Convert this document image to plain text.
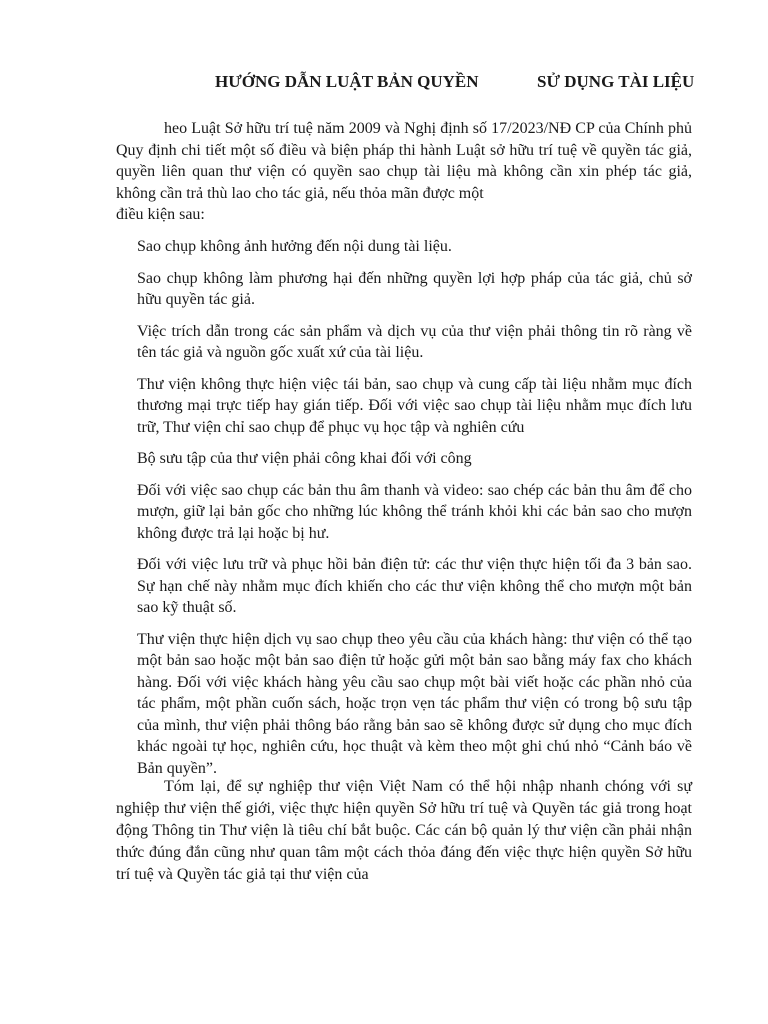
HƯỚNG DẪN LUẬT BẢN QUYỀN	SỬ DỤNG TÀI LIỆU

heo Luật Sở hữu trí tuệ năm 2009 và Nghị định số 17/2023/NĐ CP của Chính phủ Quy định chi tiết một số điều và biện pháp thi hành Luật sở hữu trí tuệ về quyền tác giả, quyền liên quan thư viện có quyền sao chụp tài liệu mà không cần xin phép tác giả, không cần trả thù lao cho tác giả, nếu thỏa mãn được một
điều kiện sau:

Sao chụp không ảnh hưởng đến nội dung tài liệu.

Sao chụp không làm phương hại đến những quyền lợi hợp pháp của tác giả, chủ sở hữu quyền tác giả.

Việc trích dẫn trong các sản phẩm và dịch vụ của thư viện phải thông tin rõ ràng về tên tác giả và nguồn gốc xuất xứ của tài liệu.

Thư viện không thực hiện việc tái bản, sao chụp và cung cấp tài liệu nhằm mục đích thương mại trực tiếp hay gián tiếp. Đối với việc sao chụp tài liệu nhằm mục đích lưu trữ, Thư viện chỉ sao chụp để phục vụ học tập và nghiên cứu

Bộ sưu tập của thư viện phải công khai đối với công

Đối với việc sao chụp các bản thu âm thanh và video: sao chép các bản thu âm để cho mượn, giữ lại bản gốc cho những lúc không thể tránh khỏi khi các bản sao cho mượn không được trả lại hoặc bị hư.

Đối với việc lưu trữ và phục hồi bản điện tử: các thư viện thực hiện tối đa 3 bản sao. Sự hạn chế này nhằm mục đích khiến cho các thư viện không thể cho mượn một bản sao kỹ thuật số.

Thư viện thực hiện dịch vụ sao chụp theo yêu cầu của khách hàng: thư viện có thể tạo một bản sao hoặc một bản sao điện tử hoặc gửi một bản sao bằng máy fax cho khách hàng. Đối với việc khách hàng yêu cầu sao chụp một bài viết hoặc các phần nhỏ của tác phẩm, một phần cuốn sách, hoặc trọn vẹn tác phẩm thư viện có trong bộ sưu tập của mình, thư viện phải thông báo rằng bản sao sẽ không được sử dụng cho mục đích khác ngoài tự học, nghiên cứu, học thuật và kèm theo một ghi chú nhỏ “Cảnh báo về Bản quyền”.

Tóm lại, để sự nghiệp thư viện Việt Nam có thể hội nhập nhanh chóng với sự nghiệp thư viện thế giới, việc thực hiện quyền Sở hữu trí tuệ và Quyền tác giả trong hoạt động Thông tin Thư viện là tiêu chí bắt buộc. Các cán bộ quản lý thư viện cần phải nhận thức đúng đắn cũng như quan tâm một cách thỏa đáng đến việc thực hiện quyền Sở hữu trí tuệ và Quyền tác giả tại thư viện của
